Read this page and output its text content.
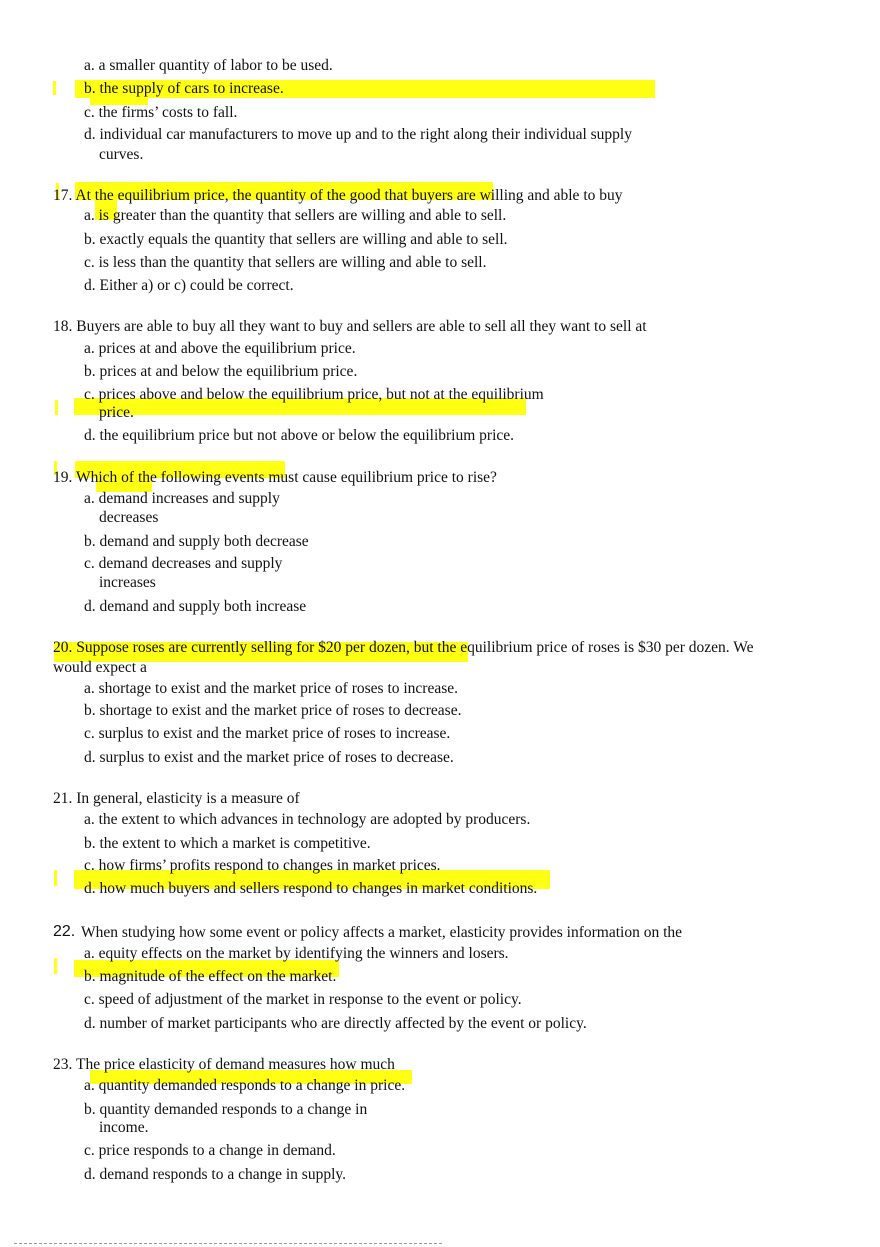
a. a smaller quantity of labor to be used.
b. the supply of cars to increase.
c. the firms’ costs to fall.
d. individual car manufacturers to move up and to the right along their individual supply
curves.
17. At the equilibrium price, the quantity of the good that buyers are willing and able to buy
a. is greater than the quantity that sellers are willing and able to sell.
b. exactly equals the quantity that sellers are willing and able to sell.
c. is less than the quantity that sellers are willing and able to sell.
d. Either a) or c) could be correct.
18. Buyers are able to buy all they want to buy and sellers are able to sell all they want to sell at
a. prices at and above the equilibrium price.
b. prices at and below the equilibrium price.
c. prices above and below the equilibrium price, but not at the equilibrium
price.
d. the equilibrium price but not above or below the equilibrium price.
19. Which of the following events must cause equilibrium price to rise?
a. demand increases and supply
decreases
b. demand and supply both decrease
c. demand decreases and supply
increases
d. demand and supply both increase
20. Suppose roses are currently selling for $20 per dozen, but the equilibrium price of roses is $30 per dozen. We
would expect a
a. shortage to exist and the market price of roses to increase.
b. shortage to exist and the market price of roses to decrease.
c. surplus to exist and the market price of roses to increase.
d. surplus to exist and the market price of roses to decrease.
21. In general, elasticity is a measure of
a. the extent to which advances in technology are adopted by producers.
b. the extent to which a market is competitive.
c. how firms’ profits respond to changes in market prices.
d. how much buyers and sellers respond to changes in market conditions.
22. When studying how some event or policy affects a market, elasticity provides information on the
a. equity effects on the market by identifying the winners and losers.
b. magnitude of the effect on the market.
c. speed of adjustment of the market in response to the event or policy.
d. number of market participants who are directly affected by the event or policy.
23. The price elasticity of demand measures how much
a. quantity demanded responds to a change in price.
b. quantity demanded responds to a change in
income.
c. price responds to a change in demand.
d. demand responds to a change in supply.
